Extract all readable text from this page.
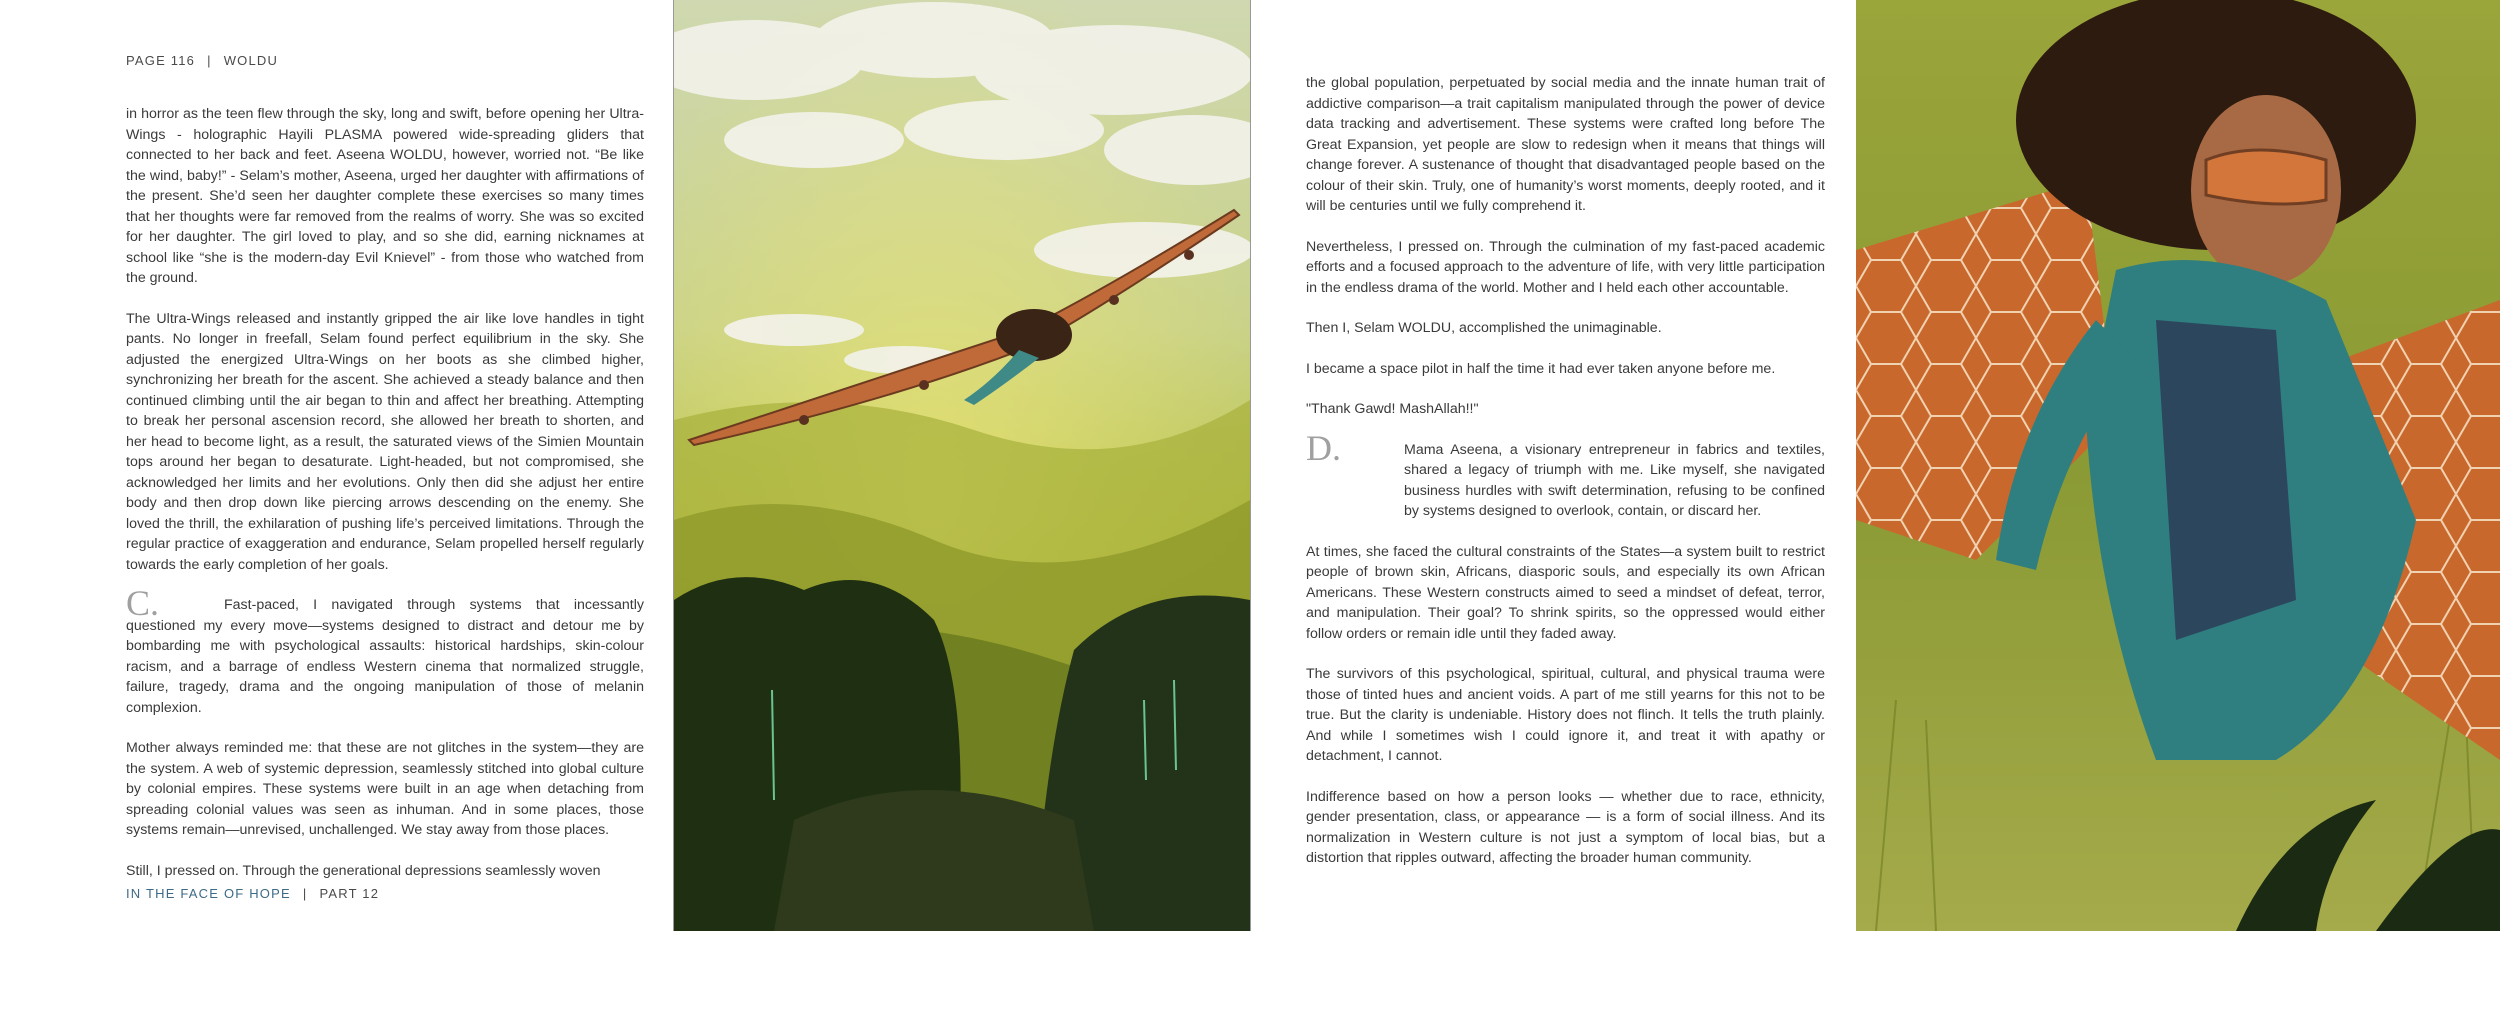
PAGE 116 | WOLDU

in horror as the teen flew through the sky, long and swift, before opening her Ultra-Wings - holographic Hayili PLASMA powered wide-spreading gliders that connected to her back and feet. Aseena WOLDU, however, worried not. “Be like the wind, baby!” - Selam’s mother, Aseena, urged her daughter with affirmations of the present. She’d seen her daughter complete these exercises so many times that her thoughts were far removed from the realms of worry. She was so excited for her daughter. The girl loved to play, and so she did, earning nicknames at school like “she is the modern-day Evil Knievel” - from those who watched from the ground.

The Ultra-Wings released and instantly gripped the air like love handles in tight pants. No longer in freefall, Selam found perfect equilibrium in the sky. She adjusted the energized Ultra-Wings on her boots as she climbed higher, synchronizing her breath for the ascent. She achieved a steady balance and then continued climbing until the air began to thin and affect her breathing. Attempting to break her personal ascension record, she allowed her breath to shorten, and her head to become light, as a result, the saturated views of the Simien Mountain tops around her began to desaturate. Light-headed, but not compromised, she acknowledged her limits and her evolutions. Only then did she adjust her entire body and then drop down like piercing arrows descending on the enemy. She loved the thrill, the exhilaration of pushing life’s perceived limitations. Through the regular practice of exaggeration and endurance, Selam propelled herself regularly towards the early completion of her goals.

C.	Fast-paced, I navigated through systems that incessantly questioned my every move—systems designed to distract and detour me by bombarding me with psychological assaults: historical hardships, skin-colour racism, and a barrage of endless Western cinema that normalized struggle, failure, tragedy, drama and the ongoing manipulation of those of melanin complexion.

Mother always reminded me: that these are not glitches in the system—they are the system. A web of systemic depression, seamlessly stitched into global culture by colonial empires. These systems were built in an age when detaching from spreading colonial values was seen as inhuman. And in some places, those systems remain—unrevised, unchallenged. We stay away from those places.

Still, I pressed on. Through the generational depressions seamlessly woven

IN THE FACE OF HOPE | PART 12

the global population, perpetuated by social media and the innate human trait of addictive comparison—a trait capitalism manipulated through the power of device data tracking and advertisement. These systems were crafted long before The Great Expansion, yet people are slow to redesign when it means that things will change forever. A sustenance of thought that disadvantaged people based on the colour of their skin. Truly, one of humanity’s worst moments, deeply rooted, and it will be centuries until we fully comprehend it.

Nevertheless, I pressed on. Through the culmination of my fast-paced academic efforts and a focused approach to the adventure of life, with very little participation in the endless drama of the world. Mother and I held each other accountable.

Then I, Selam WOLDU, accomplished the unimaginable.

I became a space pilot in half the time it had ever taken anyone before me.

"Thank Gawd! MashAllah!!"

D.	Mama Aseena, a visionary entrepreneur in fabrics and textiles, shared a legacy of triumph with me. Like myself, she navigated business hurdles with swift determination, refusing to be confined by systems designed to overlook, contain, or discard her.

At times, she faced the cultural constraints of the States—a system built to restrict people of brown skin, Africans, diasporic souls, and especially its own African Americans. These Western constructs aimed to seed a mindset of defeat, terror, and manipulation. Their goal? To shrink spirits, so the oppressed would either follow orders or remain idle until they faded away.

The survivors of this psychological, spiritual, cultural, and physical trauma were those of tinted hues and ancient voids. A part of me still yearns for this not to be true. But the clarity is undeniable. History does not flinch. It tells the truth plainly. And while I sometimes wish I could ignore it, and treat it with apathy or detachment, I cannot.

Indifference based on how a person looks — whether due to race, ethnicity, gender presentation, class, or appearance — is a form of social illness. And its normalization in Western culture is not just a symptom of local bias, but a distortion that ripples outward, affecting the broader human community.
